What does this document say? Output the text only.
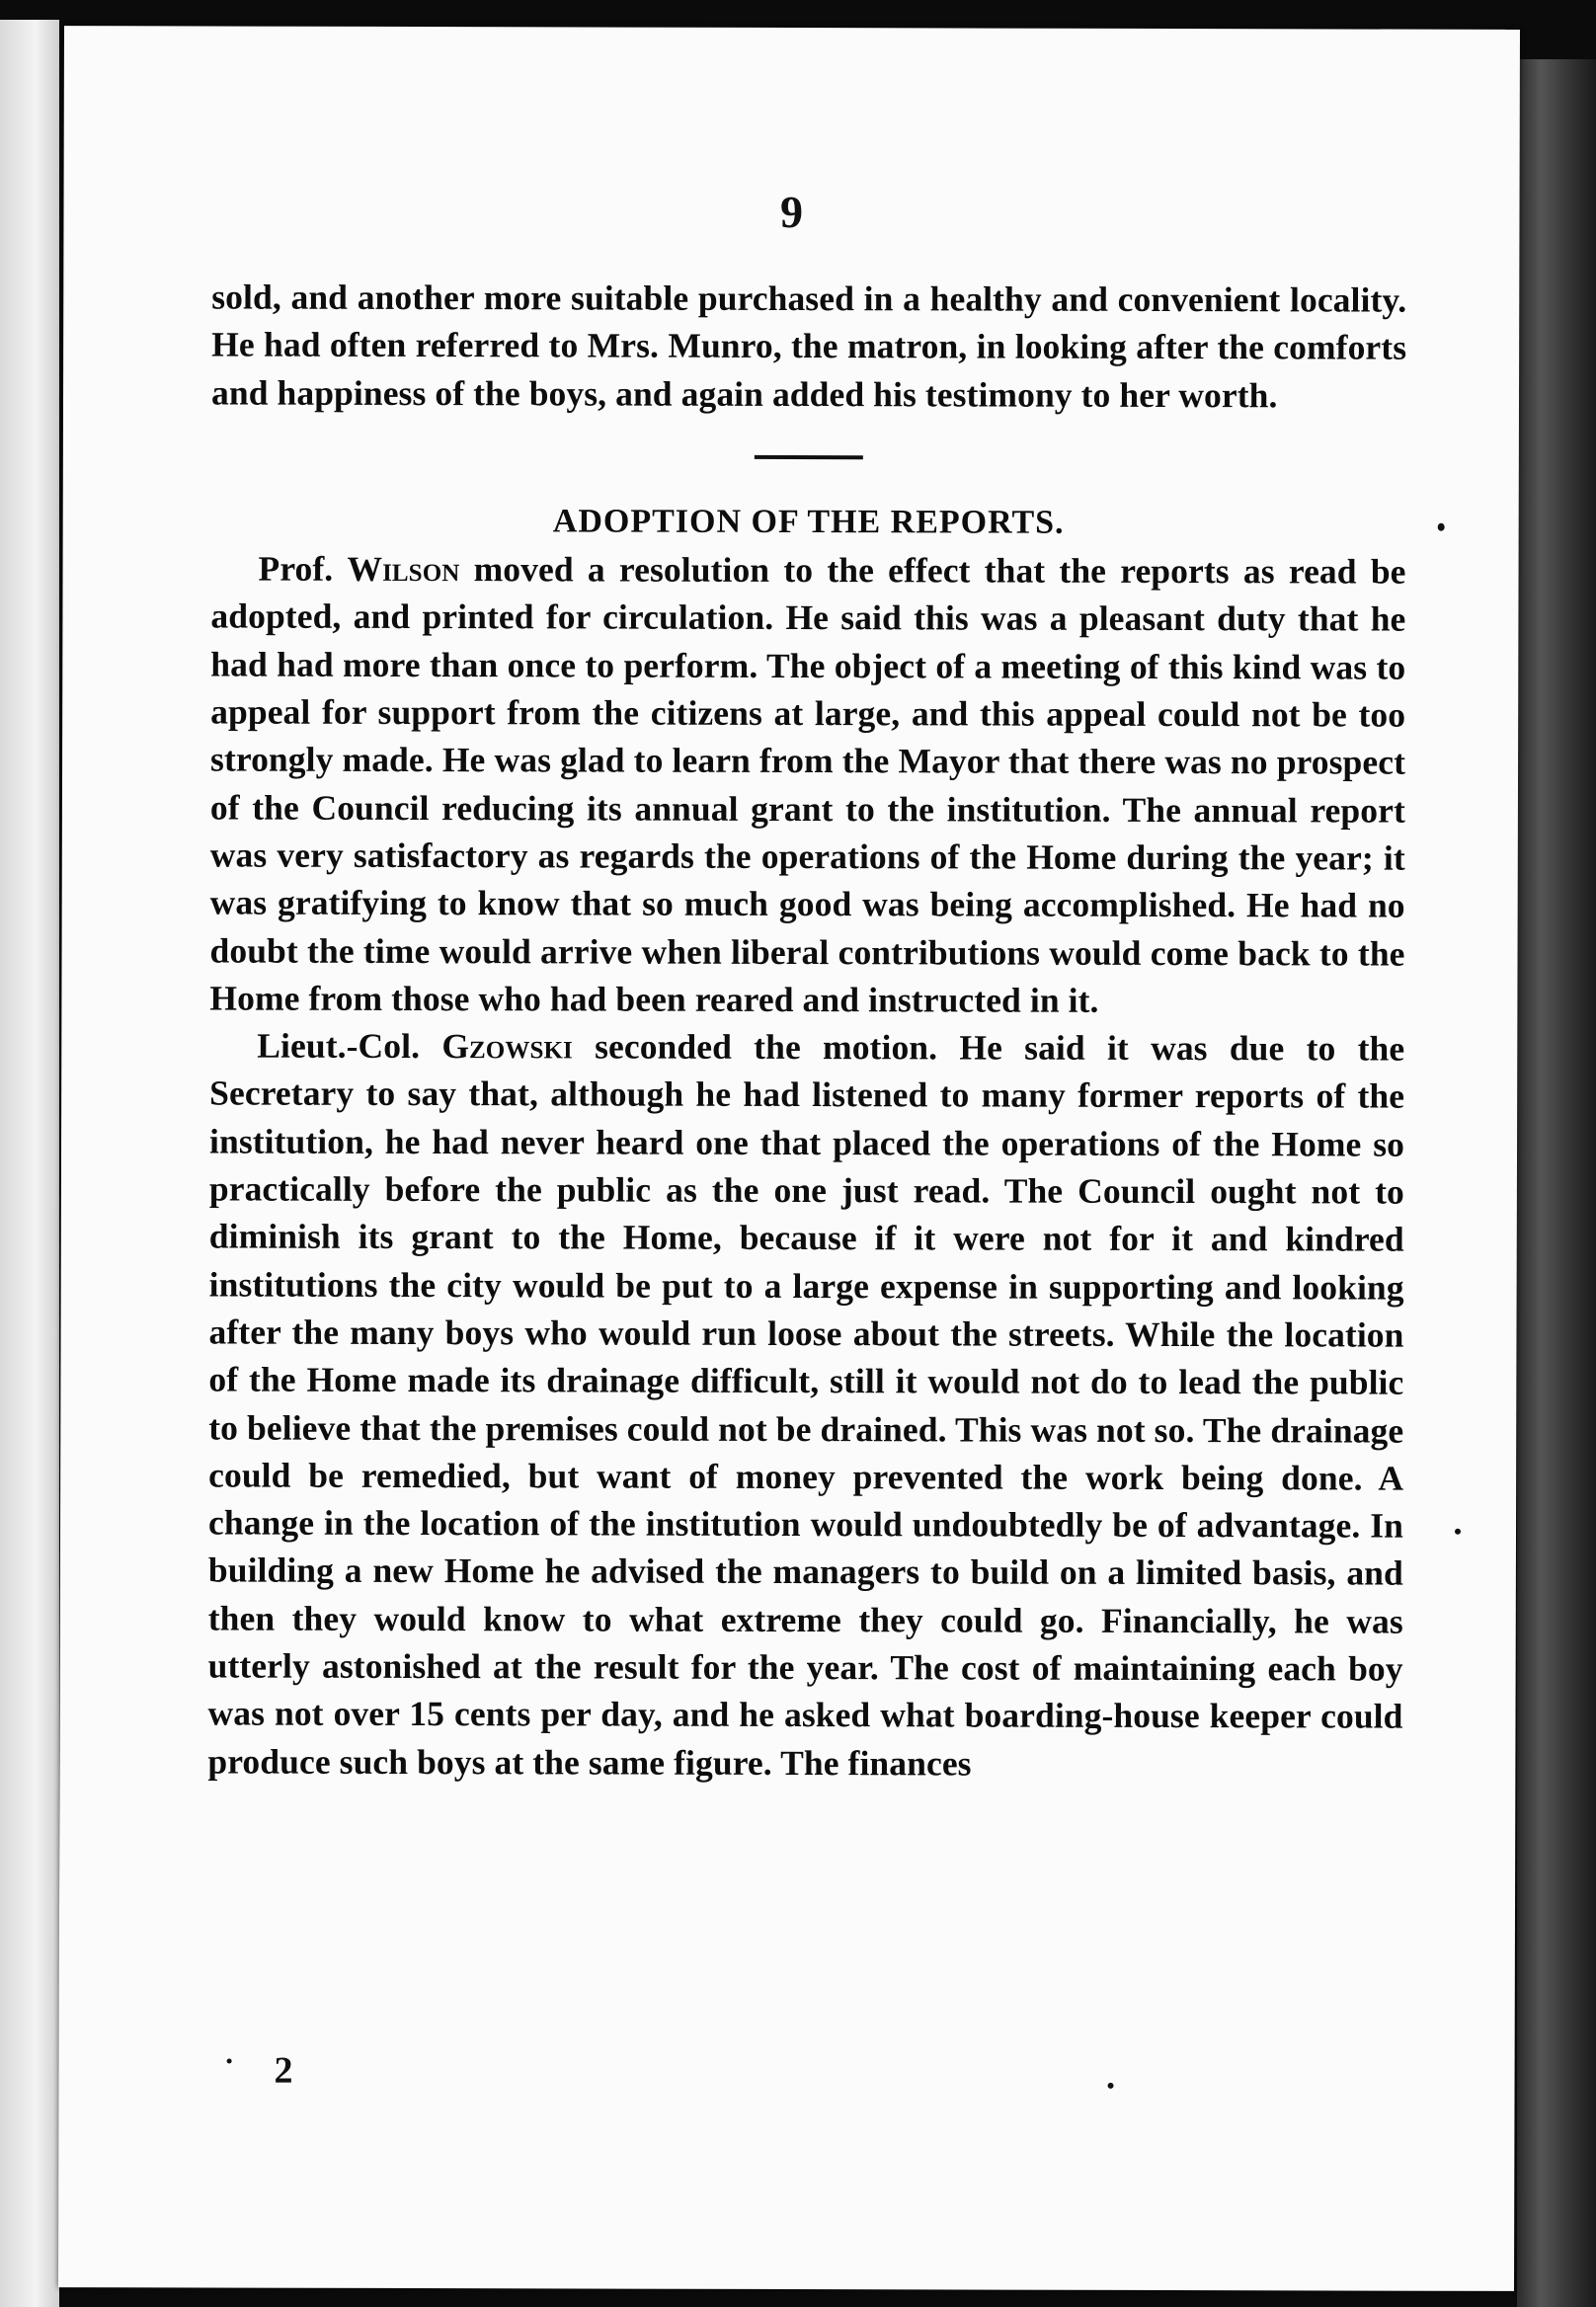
9

sold, and another more suitable purchased in a healthy and convenient locality. He had often referred to Mrs. Munro, the matron, in looking after the comforts and happiness of the boys, and again added his testimony to her worth.

ADOPTION OF THE REPORTS.

Prof. Wilson moved a resolution to the effect that the reports as read be adopted, and printed for circulation. He said this was a pleasant duty that he had had more than once to perform. The object of a meeting of this kind was to appeal for support from the citizens at large, and this appeal could not be too strongly made. He was glad to learn from the Mayor that there was no prospect of the Council reducing its annual grant to the institution. The annual report was very satisfactory as regards the operations of the Home during the year; it was gratifying to know that so much good was being accomplished. He had no doubt the time would arrive when liberal contributions would come back to the Home from those who had been reared and instructed in it.

Lieut.-Col. Gzowski seconded the motion. He said it was due to the Secretary to say that, although he had listened to many former reports of the institution, he had never heard one that placed the operations of the Home so practically before the public as the one just read. The Council ought not to diminish its grant to the Home, because if it were not for it and kindred institutions the city would be put to a large expense in supporting and looking after the many boys who would run loose about the streets. While the location of the Home made its drainage difficult, still it would not do to lead the public to believe that the premises could not be drained. This was not so. The drainage could be remedied, but want of money prevented the work being done. A change in the location of the institution would undoubtedly be of advantage. In building a new Home he advised the managers to build on a limited basis, and then they would know to what extreme they could go. Financially, he was utterly astonished at the result for the year. The cost of maintaining each boy was not over 15 cents per day, and he asked what boarding-house keeper could produce such boys at the same figure. The finances

2
